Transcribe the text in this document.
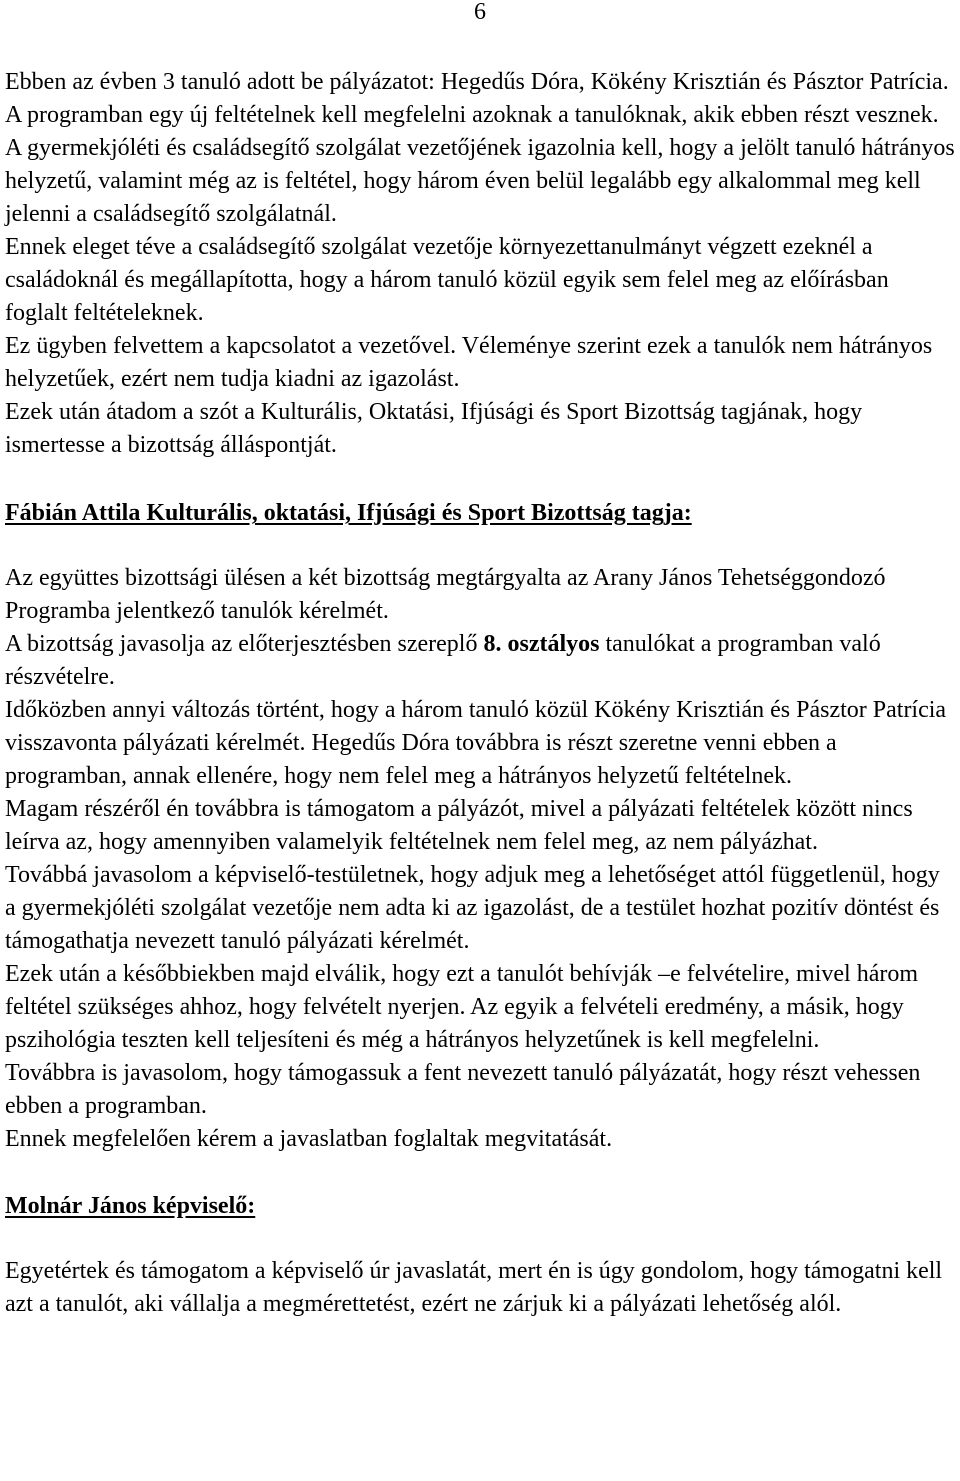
6

Ebben az évben 3 tanuló adott be pályázatot: Hegedűs Dóra, Kökény Krisztián és Pásztor Patrícia.

A programban egy új feltételnek kell megfelelni azoknak a tanulóknak, akik ebben részt vesznek. A gyermekjóléti és családsegítő szolgálat vezetőjének igazolnia kell, hogy a jelölt tanuló hátrányos helyzetű, valamint még az is feltétel, hogy három éven belül legalább egy alkalommal meg kell jelenni a családsegítő szolgálatnál.

Ennek eleget téve a családsegítő szolgálat vezetője környezettanulmányt végzett ezeknél a családoknál és megállapította, hogy a három tanuló közül egyik sem felel meg az előírásban foglalt feltételeknek.

Ez ügyben felvettem a kapcsolatot a vezetővel. Véleménye szerint ezek a tanulók nem hátrányos helyzetűek, ezért nem tudja kiadni az igazolást.

Ezek után átadom a szót a Kulturális, Oktatási, Ifjúsági és Sport Bizottság tagjának, hogy ismertesse a bizottság álláspontját.

Fábián Attila Kulturális, oktatási, Ifjúsági és Sport Bizottság tagja:

Az együttes bizottsági ülésen a két bizottság megtárgyalta az Arany János Tehetséggondozó Programba jelentkező tanulók kérelmét.

A bizottság javasolja az előterjesztésben szereplő 8. osztályos tanulókat a programban való részvételre.

Időközben annyi változás történt, hogy a három tanuló közül Kökény Krisztián és Pásztor Patrícia visszavonta pályázati kérelmét. Hegedűs Dóra továbbra is részt szeretne venni ebben a programban, annak ellenére, hogy nem felel meg a hátrányos helyzetű feltételnek.

Magam részéről én továbbra is támogatom a pályázót, mivel a pályázati feltételek között nincs leírva az, hogy amennyiben valamelyik feltételnek nem felel meg, az nem pályázhat.

Továbbá javasolom a képviselő-testületnek, hogy adjuk meg a lehetőséget attól függetlenül, hogy a gyermekjóléti szolgálat vezetője nem adta ki az igazolást, de a testület hozhat pozitív döntést és támogathatja nevezett tanuló pályázati kérelmét.

Ezek után a későbbiekben majd elválik, hogy ezt a tanulót behívják –e felvételire, mivel három feltétel szükséges ahhoz, hogy felvételt nyerjen. Az egyik a felvételi eredmény, a másik, hogy pszihológia teszten kell teljesíteni és még a hátrányos helyzetűnek is kell megfelelni.

Továbbra is javasolom, hogy támogassuk a fent nevezett tanuló pályázatát, hogy részt vehessen ebben a programban.

Ennek megfelelően kérem a javaslatban foglaltak megvitatását.

Molnár János képviselő:

Egyetértek és támogatom a képviselő úr javaslatát, mert én is úgy gondolom, hogy támogatni kell azt a tanulót, aki vállalja a megmérettetést, ezért ne zárjuk ki a pályázati lehetőség alól.
